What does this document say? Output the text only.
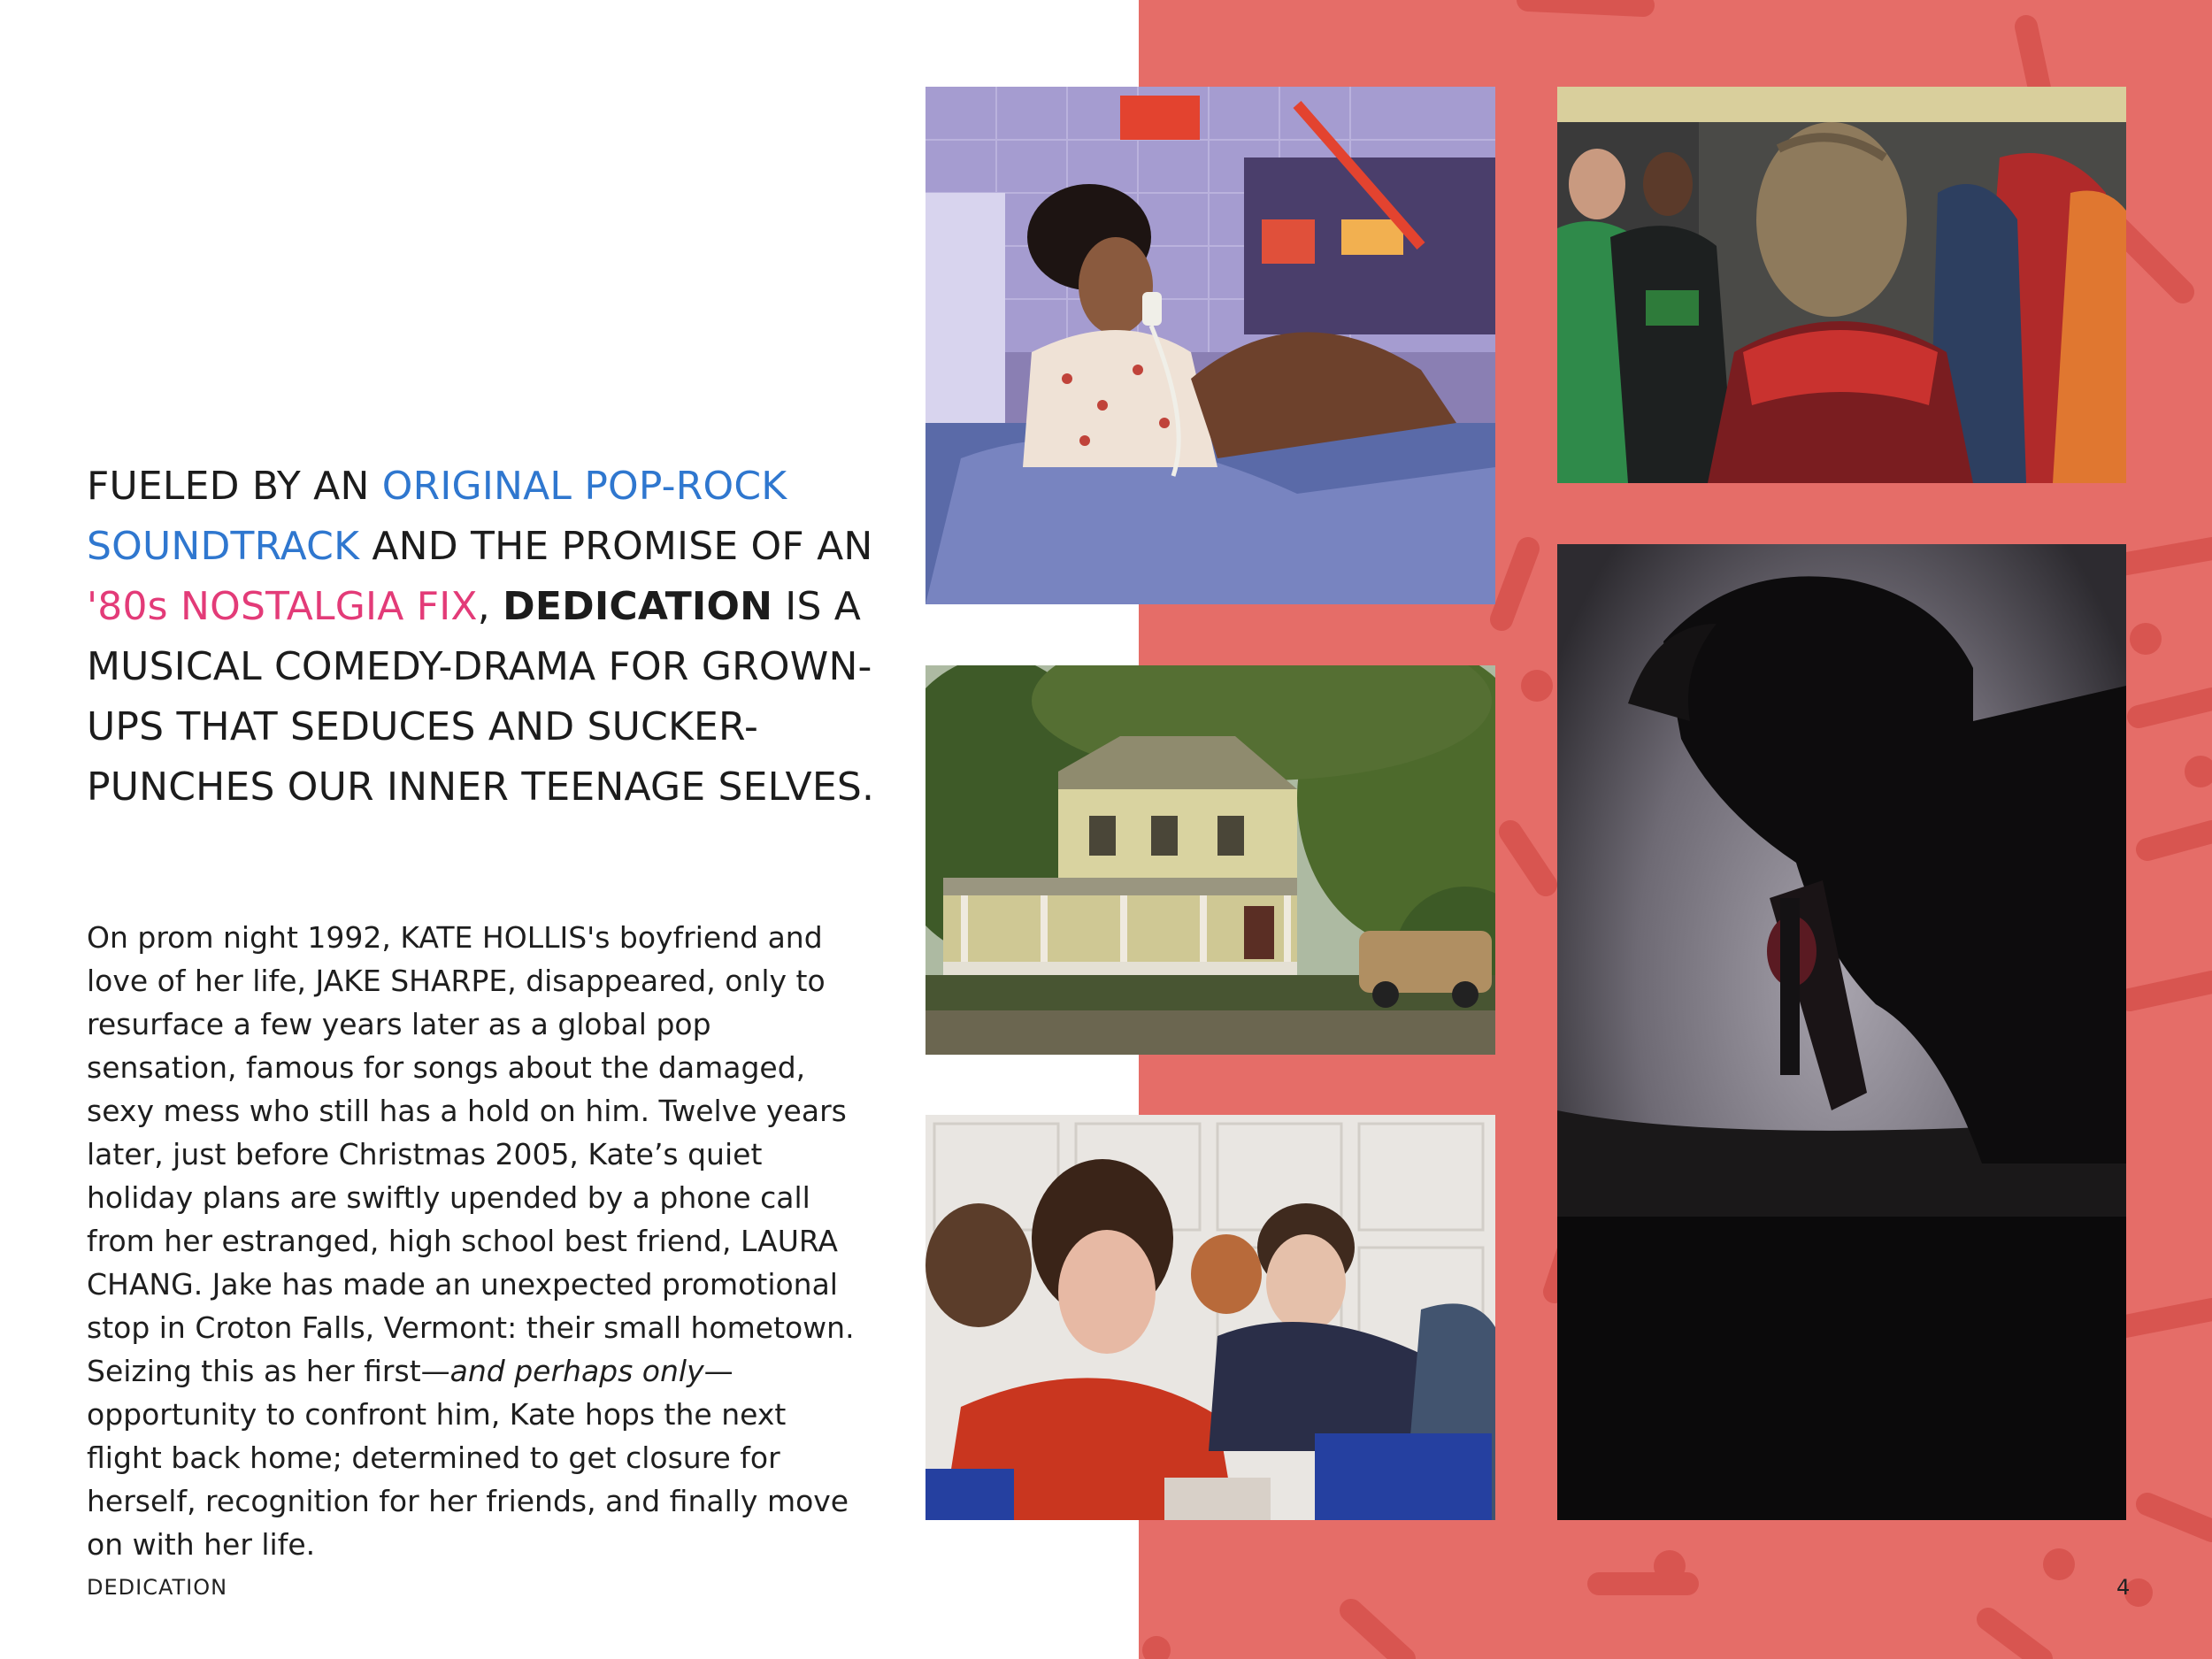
FUELED BY AN ORIGINAL POP-ROCK SOUNDTRACK AND THE PROMISE OF AN '80s NOSTALGIA FIX, DEDICATION IS A MUSICAL COMEDY-DRAMA FOR GROWN-UPS THAT SEDUCES AND SUCKER-PUNCHES OUR INNER TEENAGE SELVES.
On prom night 1992, KATE HOLLIS's boyfriend and love of her life, JAKE SHARPE, disappeared, only to resurface a few years later as a global pop sensation, famous for songs about the damaged, sexy mess who still has a hold on him. Twelve years later, just before Christmas 2005, Kate’s quiet holiday plans are swiftly upended by a phone call from her estranged, high school best friend, LAURA CHANG. Jake has made an unexpected promotional stop in Croton Falls, Vermont: their small hometown. Seizing this as her first—and perhaps only—opportunity to confront him, Kate hops the next flight back home; determined to get closure for herself, recognition for her friends, and finally move on with her life.
DEDICATION	4
